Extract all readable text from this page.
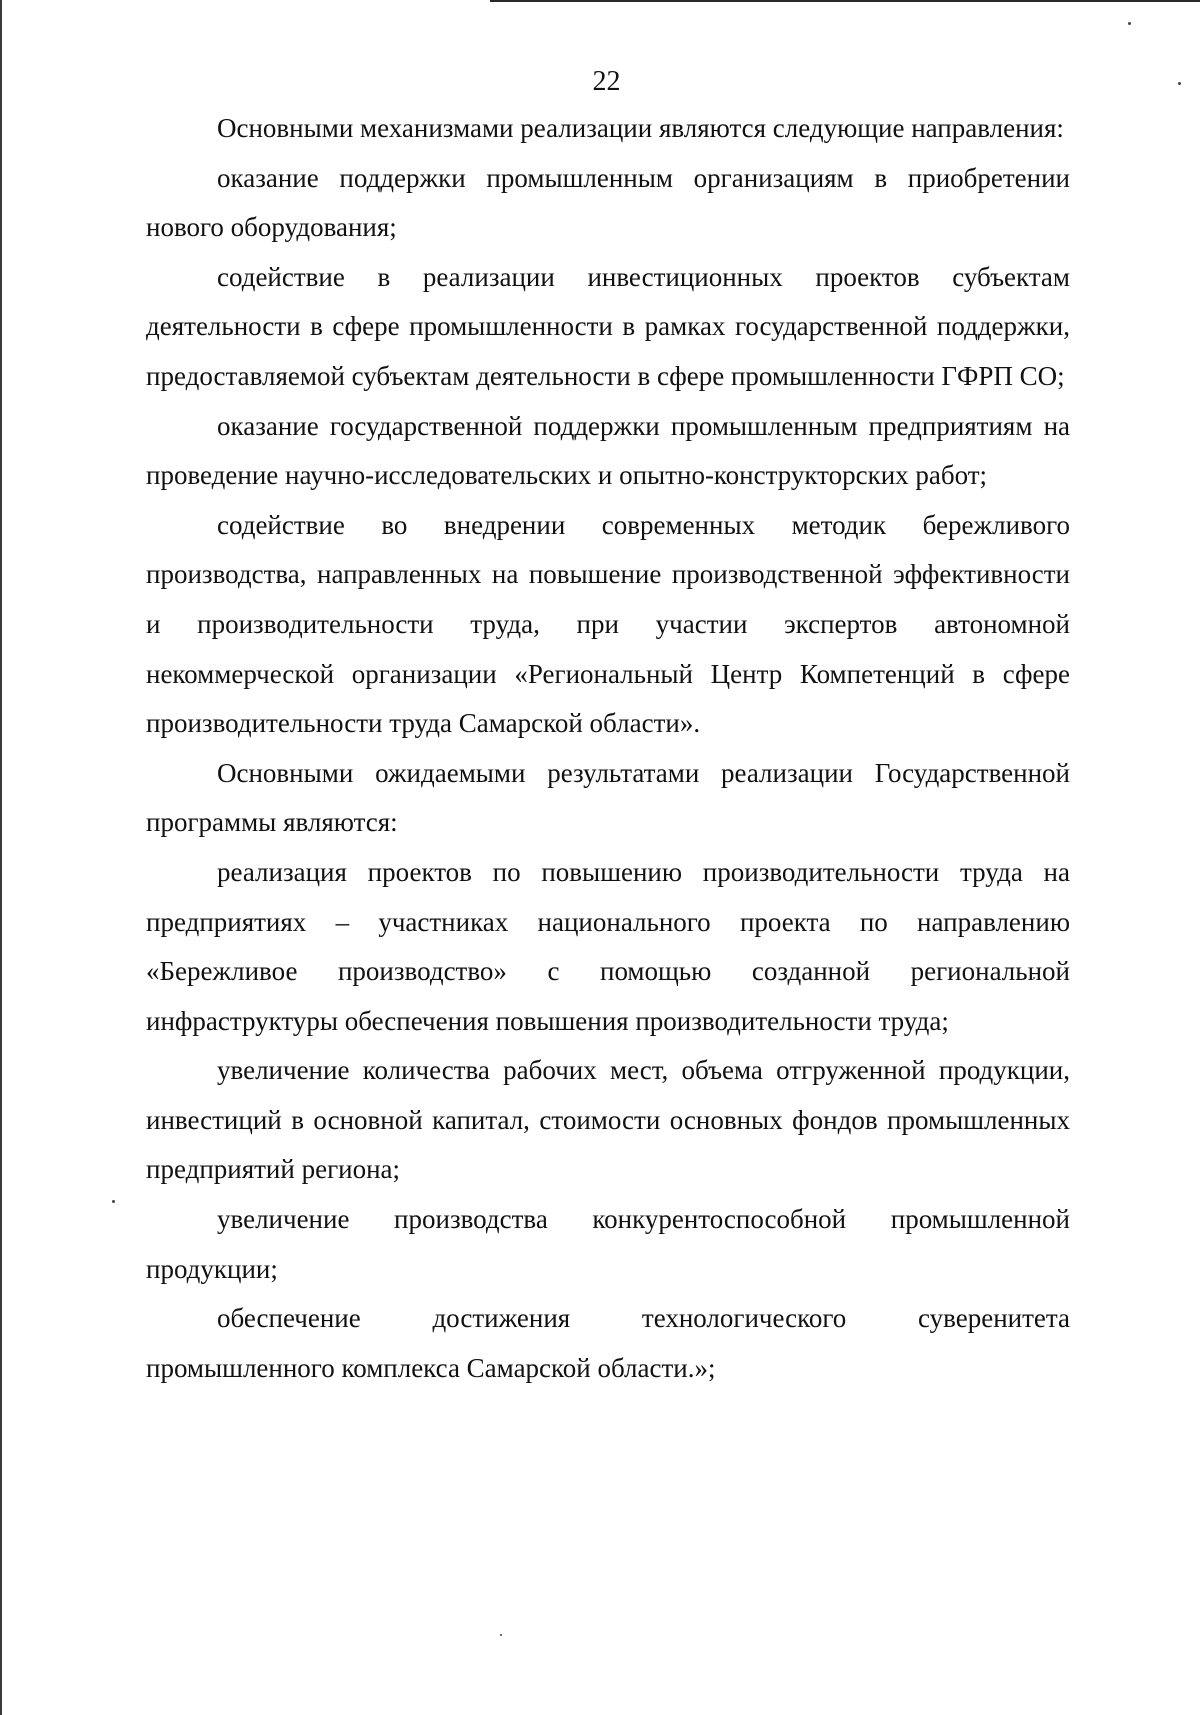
22

Основными механизмами реализации являются следующие направления:

оказание поддержки промышленным организациям в приобретении нового оборудования;

содействие в реализации инвестиционных проектов субъектам деятельности в сфере промышленности в рамках государственной поддержки, предоставляемой субъектам деятельности в сфере промышленности ГФРП СО;

оказание государственной поддержки промышленным предприятиям на проведение научно-исследовательских и опытно-конструкторских работ;

содействие во внедрении современных методик бережливого производства, направленных на повышение производственной эффективности и производительности труда, при участии экспертов автономной некоммерческой организации «Региональный Центр Компетенций в сфере производительности труда Самарской области».

Основными ожидаемыми результатами реализации Государственной программы являются:

реализация проектов по повышению производительности труда на предприятиях – участниках национального проекта по направлению «Бережливое производство» с помощью созданной региональной инфраструктуры обеспечения повышения производительности труда;

увеличение количества рабочих мест, объема отгруженной продукции, инвестиций в основной капитал, стоимости основных фондов промышленных предприятий региона;

увеличение производства конкурентоспособной промышленной продукции;

обеспечение достижения технологического суверенитета промышленного комплекса Самарской области.»;
